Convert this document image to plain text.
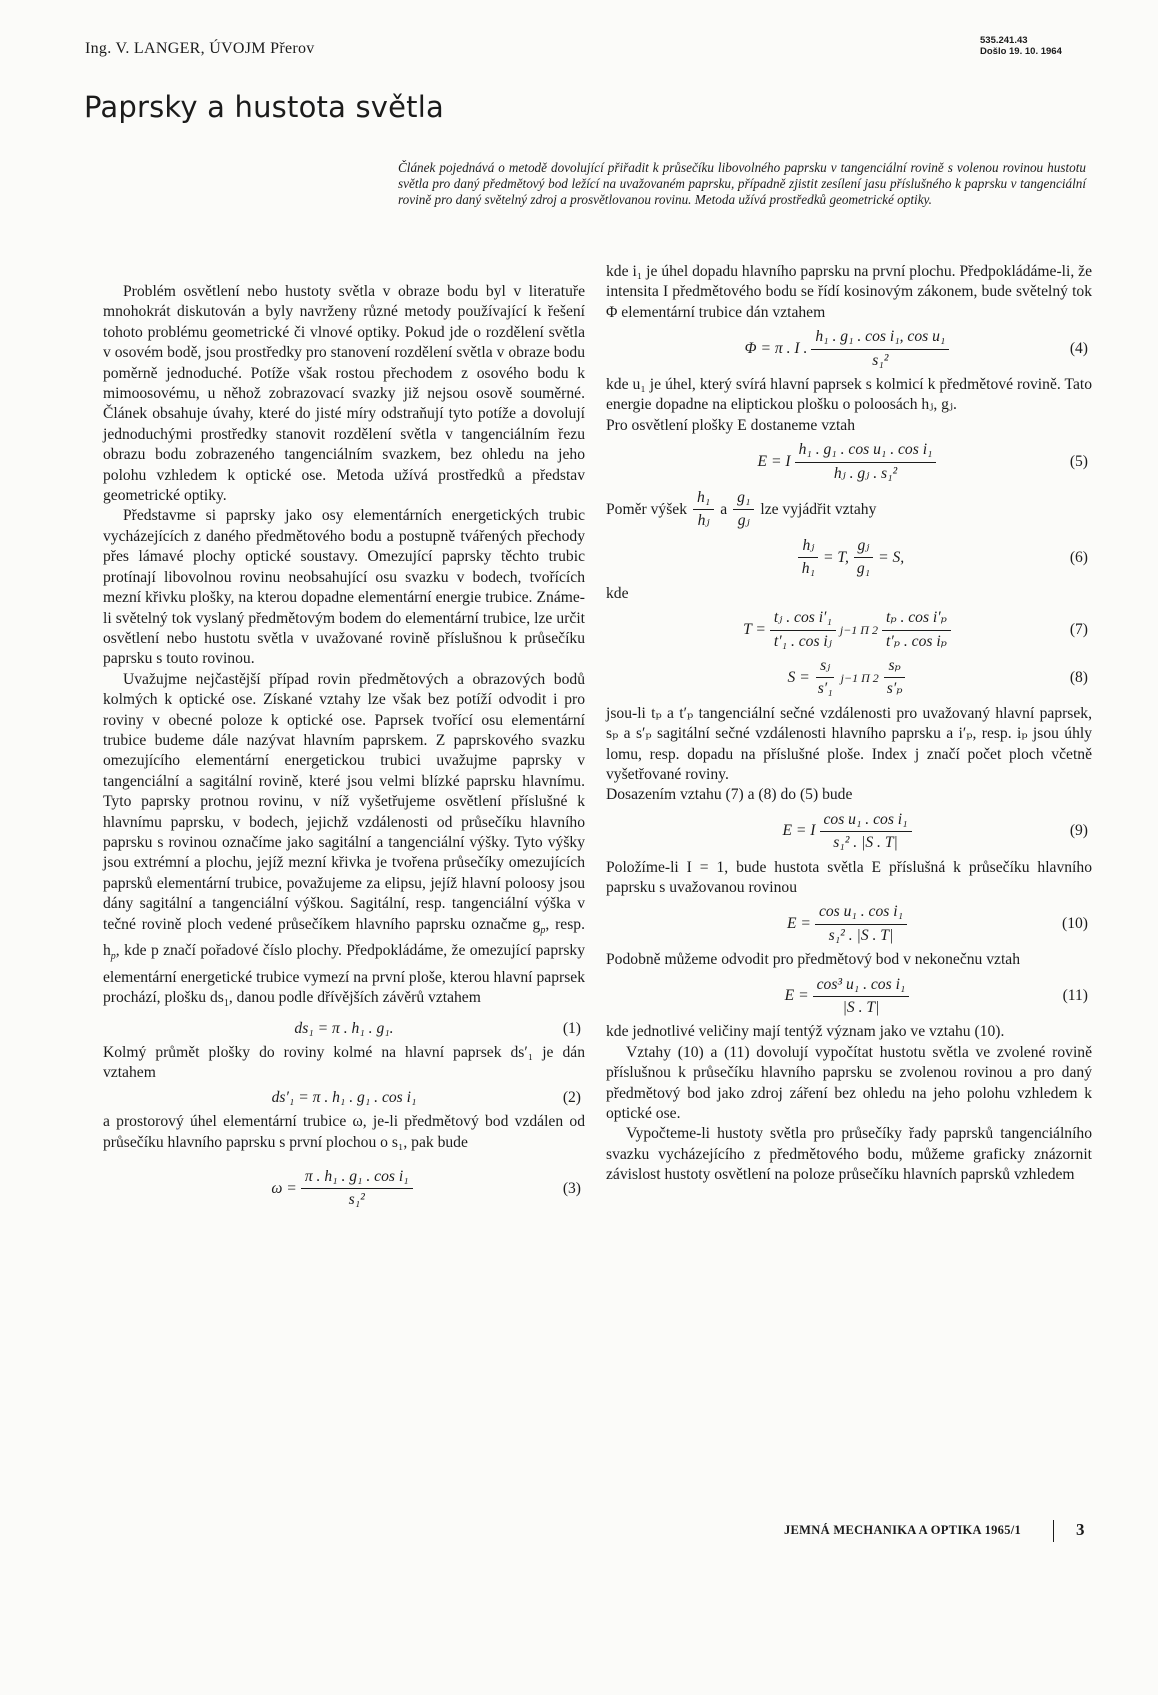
Ing. V. LANGER, ÚVOJM Přerov	535.241.43
Došlo 19. 10. 1964
Paprsky a hustota světla
Článek pojednává o metodě dovolující přiřadit k průsečíku libovolného paprsku v tangenciální rovině s volenou rovinou hustotu světla pro daný předmětový bod ležící na uvažovaném paprsku, případně zjistit zesílení jasu příslušného k paprsku v tangenciální rovině pro daný světelný zdroj a prosvětlovanou rovinu. Metoda užívá prostředků geometrické optiky.

Problém osvětlení nebo hustoty světla v obraze bodu byl v literatuře mnohokrát diskutován a byly navrženy různé metody používající k řešení tohoto problému geometrické či vlnové optiky. Pokud jde o rozdělení světla v osovém bodě, jsou prostředky pro stanovení rozdělení světla v obraze bodu poměrně jednoduché. Potíže však rostou přechodem z osového bodu k mimoosovému, u něhož zobrazovací svazky již nejsou osově souměrné. Článek obsahuje úvahy, které do jisté míry odstraňují tyto potíže a dovolují jednoduchými prostředky stanovit rozdělení světla v tangenciálním řezu obrazu bodu zobrazeného tangenciálním svazkem, bez ohledu na jeho polohu vzhledem k optické ose. Metoda užívá prostředků a představ geometrické optiky.

Představme si paprsky jako osy elementárních energetických trubic vycházejících z daného předmětového bodu a postupně tvářených přechody přes lámavé plochy optické soustavy. Omezující paprsky těchto trubic protínají libovolnou rovinu neobsahující osu svazku v bodech, tvořících mezní křivku plošky, na kterou dopadne elementární energie trubice. Známe-li světelný tok vyslaný předmětovým bodem do elementární trubice, lze určit osvětlení nebo hustotu světla v uvažované rovině příslušnou k průsečíku paprsku s touto rovinou.

Uvažujme nejčastější případ rovin předmětových a obrazových bodů kolmých k optické ose. Získané vztahy lze však bez potíží odvodit i pro roviny v obecné poloze k optické ose. Paprsek tvořící osu elementární trubice budeme dále nazývat hlavním paprskem. Z paprskového svazku omezujícího elementární energetickou trubici uvažujme paprsky v tangenciální a sagitální rovině, které jsou velmi blízké paprsku hlavnímu. Tyto paprsky protnou rovinu, v níž vyšetřujeme osvětlení příslušné k hlavnímu paprsku, v bodech, jejichž vzdálenosti od průsečíku hlavního paprsku s rovinou označíme jako sagitální a tangenciální výšky. Tyto výšky jsou extrémní a plochu, jejíž mezní křivka je tvořena průsečíky omezujících paprsků elementární trubice, považujeme za elipsu, jejíž hlavní poloosy jsou dány sagitální a tangenciální výškou. Sagitální, resp. tangenciální výška v tečné rovině ploch vedené průsečíkem hlavního paprsku označme $g_p$, resp. $h_p$, kde p značí pořadové číslo plochy. Předpokládáme, že omezující paprsky elementární energetické trubice vymezí na první ploše, kterou hlavní paprsek prochází, plošku $ds_1$, danou podle dřívějších závěrů vztahem

ds₁ = π . h₁ . g₁.	(1)

Kolmý průmět plošky do roviny kolmé na hlavní paprsek ds′₁ je dán vztahem

ds′₁ = π . h₁ . g₁ . cos i₁	(2)

a prostorový úhel elementární trubice ω, je-li předmětový bod vzdálen od průsečíku hlavního paprsku s první plochou o s₁, pak bude

$\omega = \frac{\text{π . h₁ . g₁ . cos i₁}}{\text{s₁²}}$	(3)

kde i₁ je úhel dopadu hlavního paprsku na první plochu. Předpokládáme-li, že intensita I předmětového bodu se řídí kosinovým zákonem, bude světelný tok Φ elementární trubice dán vztahem

Φ = π . I . $\frac{\text{h₁ . g₁ . cos i₁, cos u₁}}{\text{s₁²}}$	(4)

kde u₁ je úhel, který svírá hlavní paprsek s kolmicí k předmětové rovině. Tato energie dopadne na eliptickou plošku o poloosách hⱼ, gⱼ.

Pro osvětlení plošky E dostaneme vztah

E = I $\frac{\text{h₁ . g₁ . cos u₁ . cos i₁}}{\text{hⱼ . gⱼ . s₁²}}$	(5)

Poměr výšek $\frac{\text{h₁}}{\text{hⱼ}}$ a $\frac{\text{g₁}}{\text{gⱼ}}$ lze vyjádřit vztahy

$\frac{\text{hⱼ}}{\text{h₁}} = T$, $\frac{\text{gⱼ}}{\text{g₁}} = S$,	(6)

kde

$T = \frac{\text{tⱼ . cos i′₁}}{\text{t′₁ . cos iⱼ}} j-1$ Π $2 \frac{\text{tₚ . cos i′ₚ}}{\text{t′ₚ . cos iₚ}}$	(7)
$S = \frac{\text{sⱼ}}{\text{s′₁}} j-1$ Π $2 \frac{\text{sₚ}}{\text{s′ₚ}}$	(8)

jsou-li tₚ a t′ₚ tangenciální sečné vzdálenosti pro uvažovaný hlavní paprsek, sₚ a s′ₚ sagitální sečné vzdálenosti hlavního paprsku a i′ₚ, resp. iₚ jsou úhly lomu, resp. dopadu na příslušné ploše. Index j značí počet ploch včetně vyšetřované roviny.

Dosazením vztahu (7) a (8) do (5) bude

E = I $\frac{\text{cos u₁ . cos i₁}}{\text{s₁² . |S . T|}}$	(9)

Položíme-li I = 1, bude hustota světla E příslušná k průsečíku hlavního paprsku s uvažovanou rovinou

$E = \frac{\text{cos u₁ . cos i₁}}{\text{s₁² . |S . T|}}$	(10)

Podobně můžeme odvodit pro předmětový bod v nekonečnu vztah

$E = \frac{\text{cos³ u₁ . cos i₁}}{|S . T|}$	(11)

kde jednotlivé veličiny mají tentýž význam jako ve vztahu (10).

Vztahy (10) a (11) dovolují vypočítat hustotu světla ve zvolené rovině příslušnou k průsečíku hlavního paprsku se zvolenou rovinou a pro daný předmětový bod jako zdroj záření bez ohledu na jeho polohu vzhledem k optické ose.

Vypočteme-li hustoty světla pro průsečíky řady paprsků tangenciálního svazku vycházejícího z předmětového bodu, můžeme graficky znázornit závislost hustoty osvětlení na poloze průsečíku hlavních paprsků vzhledem

JEMNÁ MECHANIKA A OPTIKA 1965/1	3
